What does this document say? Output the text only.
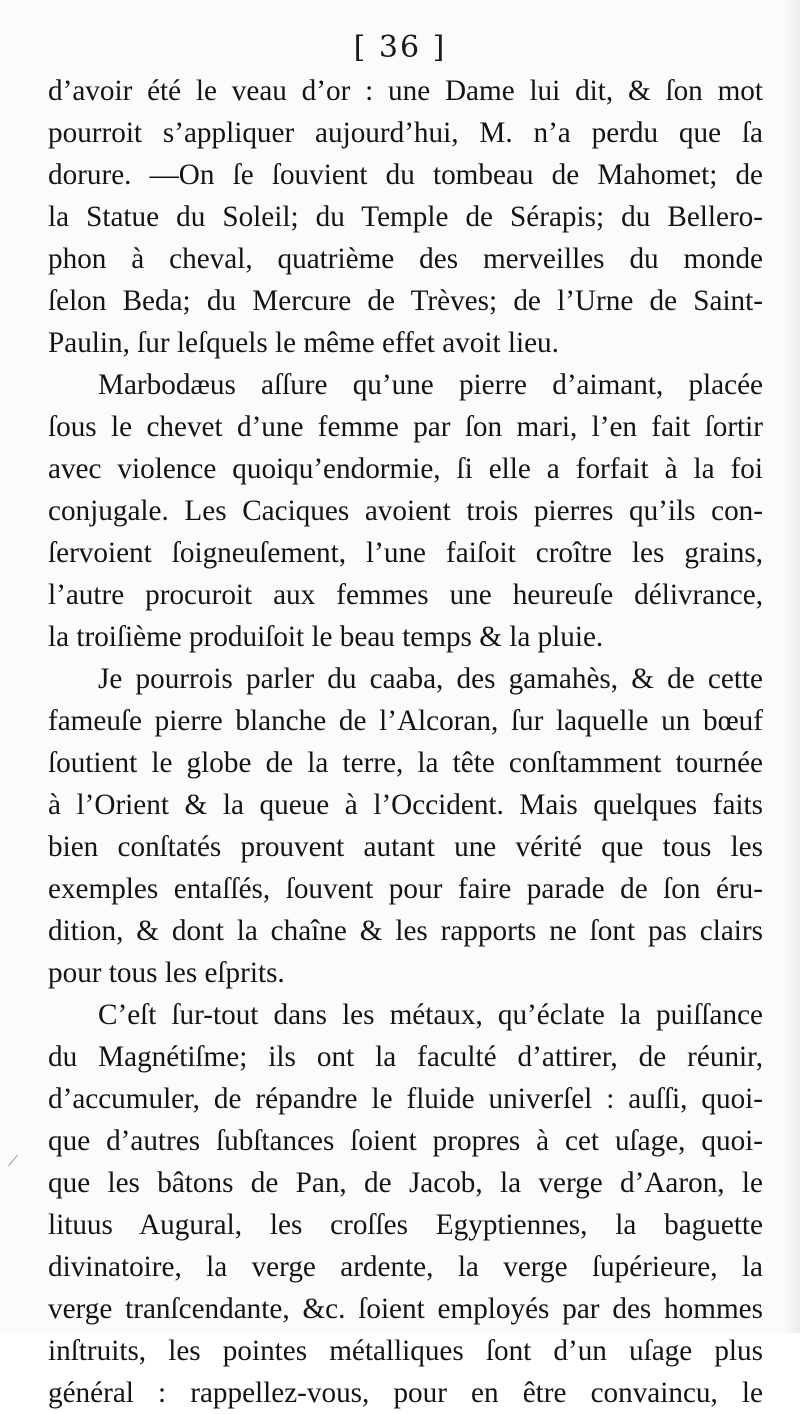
[ 36 ]
d’avoir été le veau d’or : une Dame lui dit, & ſon mot
pourroit s’appliquer aujourd’hui, M. n’a perdu que ſa
dorure. —On ſe ſouvient du tombeau de Mahomet; de
la Statue du Soleil; du Temple de Sérapis; du Bellero-
phon à cheval, quatrième des merveilles du monde
ſelon Beda; du Mercure de Trèves; de l’Urne de Saint-
Paulin, ſur leſquels le même effet avoit lieu.
Marbodæus aſſure qu’une pierre d’aimant, placée
ſous le chevet d’une femme par ſon mari, l’en fait ſortir
avec violence quoiqu’endormie, ſi elle a forfait à la foi
conjugale. Les Caciques avoient trois pierres qu’ils con-
ſervoient ſoigneuſement, l’une faiſoit croître les grains,
l’autre procuroit aux femmes une heureuſe délivrance,
la troiſième produiſoit le beau temps & la pluie.
Je pourrois parler du caaba, des gamahès, & de cette
fameuſe pierre blanche de l’Alcoran, ſur laquelle un bœuf
ſoutient le globe de la terre, la tête conſtamment tournée
à l’Orient & la queue à l’Occident. Mais quelques faits
bien conſtatés prouvent autant une vérité que tous les
exemples entaſſés, ſouvent pour faire parade de ſon éru-
dition, & dont la chaîne & les rapports ne ſont pas clairs
pour tous les eſprits.
C’eſt ſur-tout dans les métaux, qu’éclate la puiſſance
du Magnétiſme; ils ont la faculté d’attirer, de réunir,
d’accumuler, de répandre le fluide univerſel : auſſi, quoi-
que d’autres ſubſtances ſoient propres à cet uſage, quoi-
que les bâtons de Pan, de Jacob, la verge d’Aaron, le
lituus Augural, les croſſes Egyptiennes, la baguette
divinatoire, la verge ardente, la verge ſupérieure, la
verge tranſcendante, &c. ſoient employés par des hommes
inſtruits, les pointes métalliques ſont d’un uſage plus
général : rappellez-vous, pour en être convaincu, le
